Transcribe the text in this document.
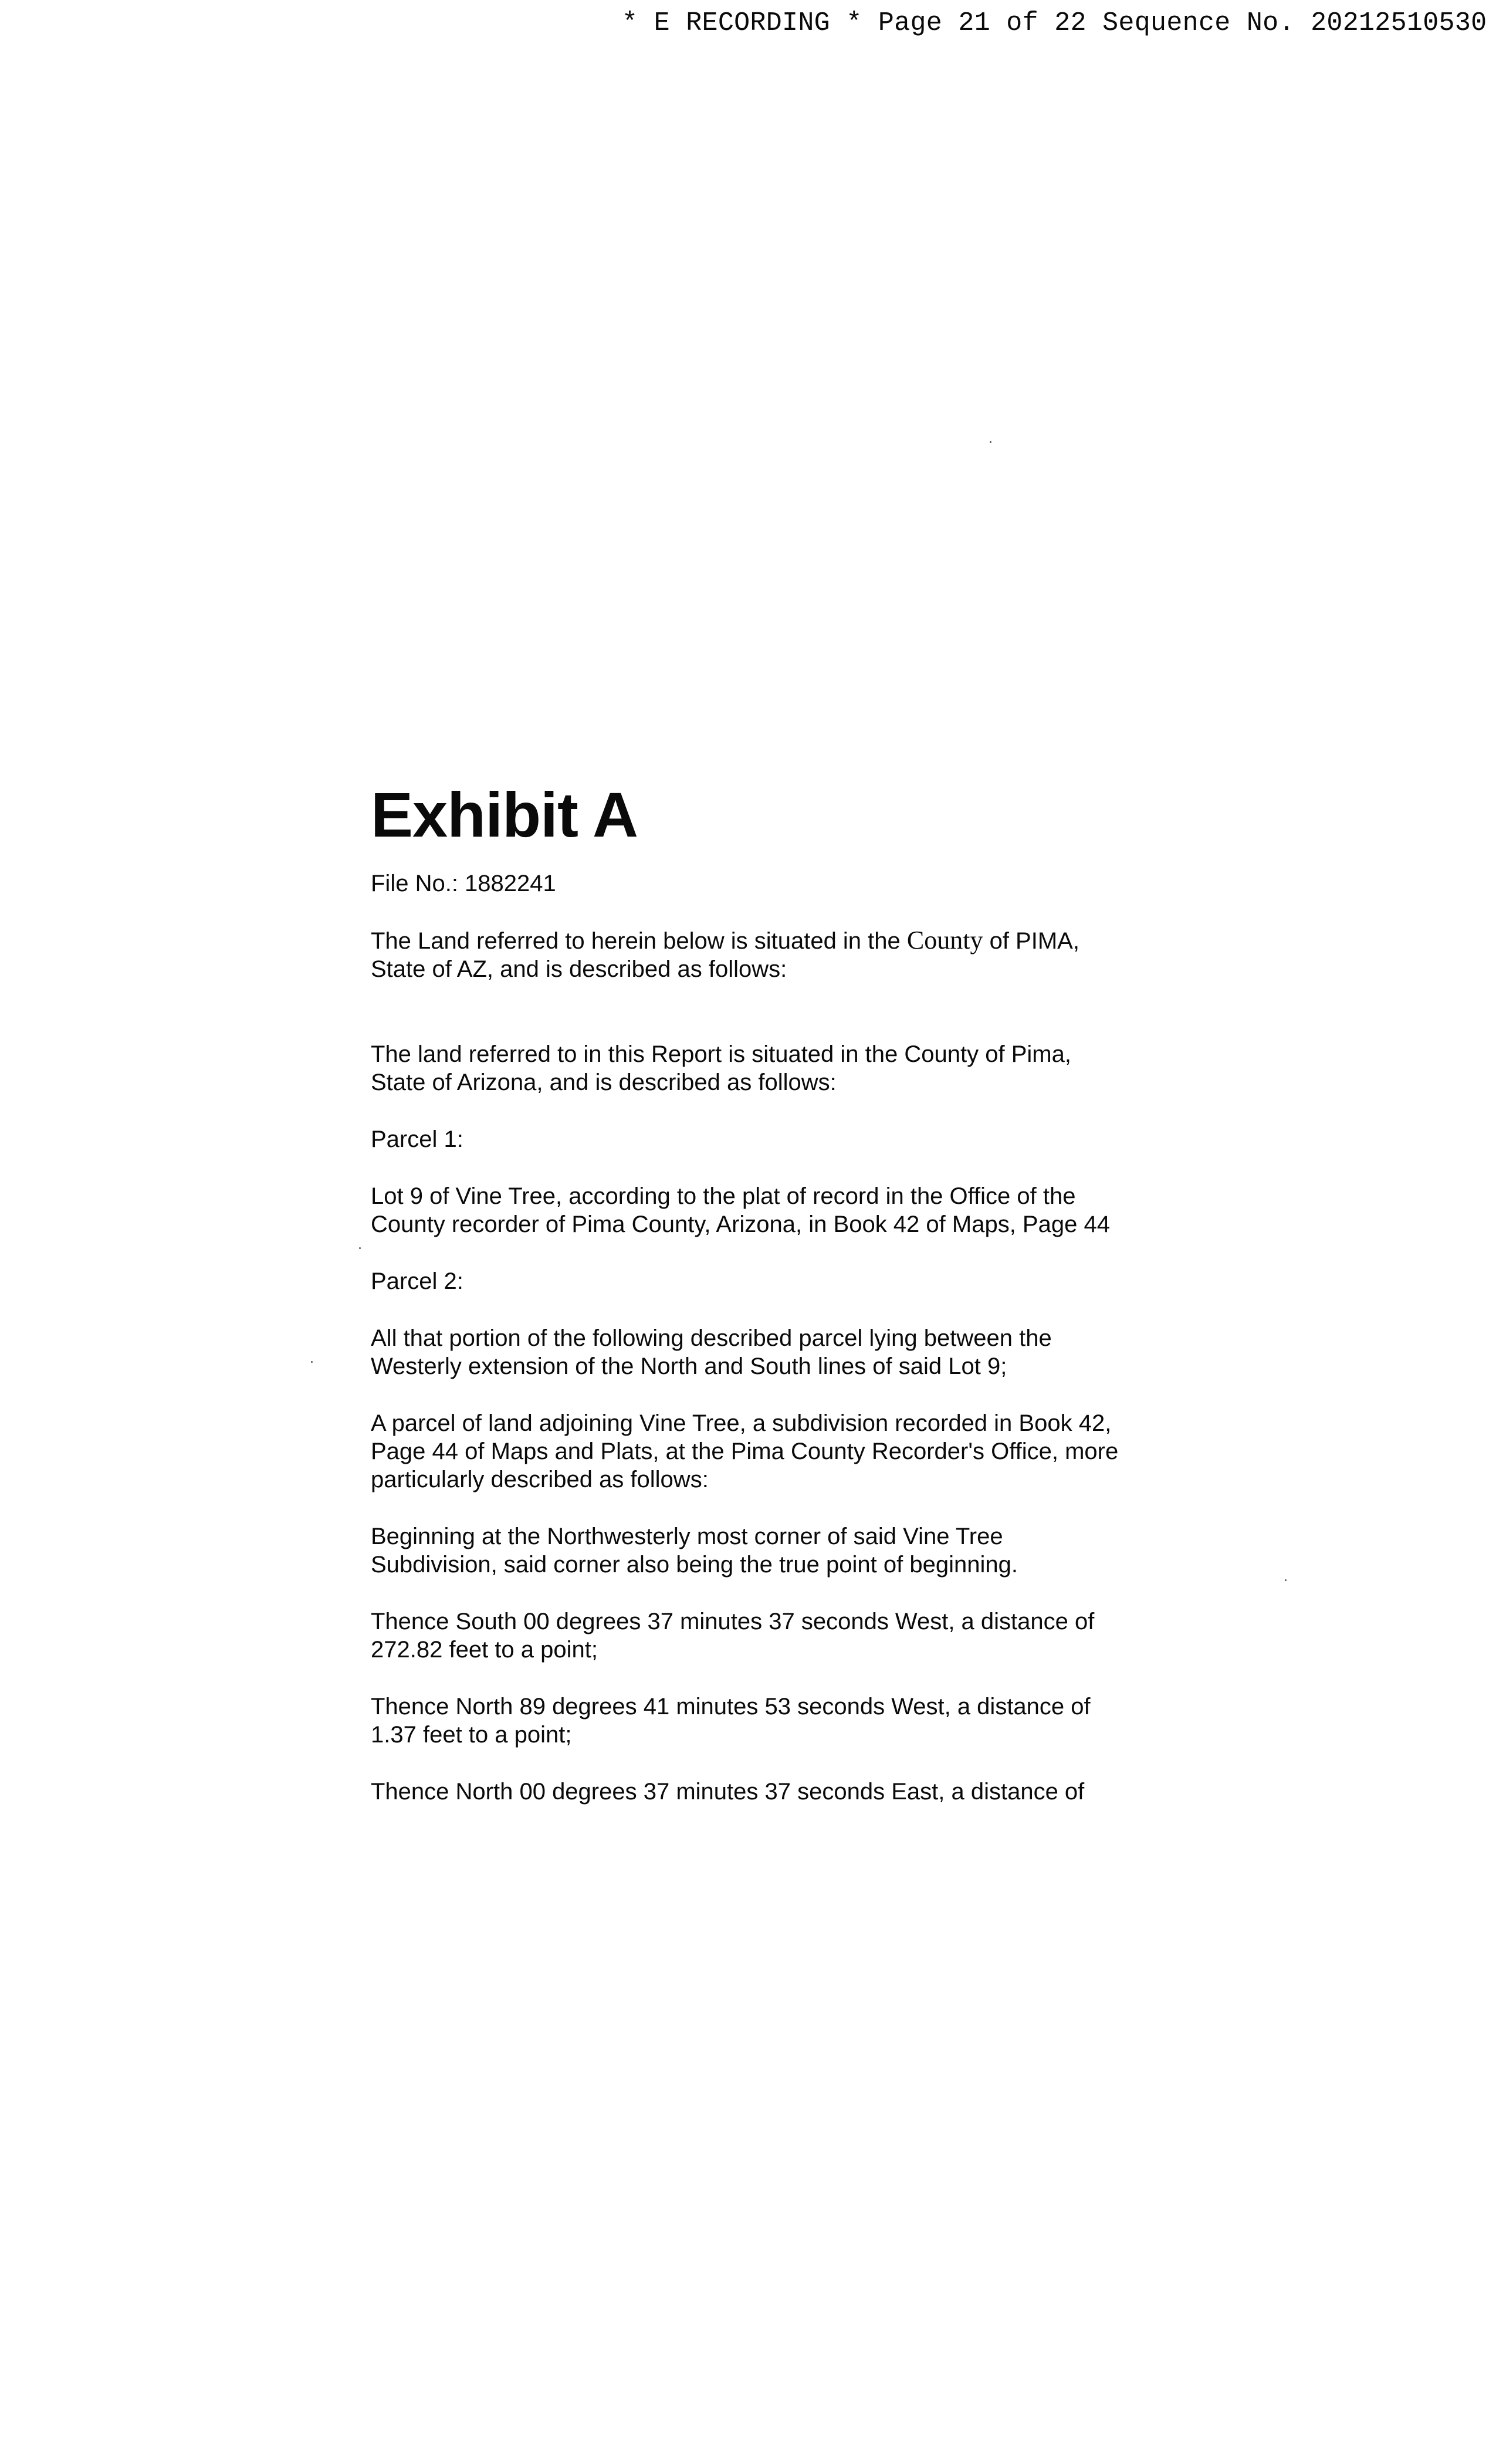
* E RECORDING * Page 21 of 22 Sequence No. 20212510530
Exhibit A
File No.: 1882241

The Land referred to herein below is situated in the County of PIMA,
State of AZ, and is described as follows:

The land referred to in this Report is situated in the County of Pima,
State of Arizona, and is described as follows:

Parcel 1:

Lot 9 of Vine Tree, according to the plat of record in the Office of the
County recorder of Pima County, Arizona, in Book 42 of Maps, Page 44

Parcel 2:

All that portion of the following described parcel lying between the
Westerly extension of the North and South lines of said Lot 9;

A parcel of land adjoining Vine Tree, a subdivision recorded in Book 42,
Page 44 of Maps and Plats, at the Pima County Recorder's Office, more
particularly described as follows:

Beginning at the Northwesterly most corner of said Vine Tree
Subdivision, said corner also being the true point of beginning.

Thence South 00 degrees 37 minutes 37 seconds West, a distance of
272.82 feet to a point;

Thence North 89 degrees 41 minutes 53 seconds West, a distance of
1.37 feet to a point;

Thence North 00 degrees 37 minutes 37 seconds East, a distance of
